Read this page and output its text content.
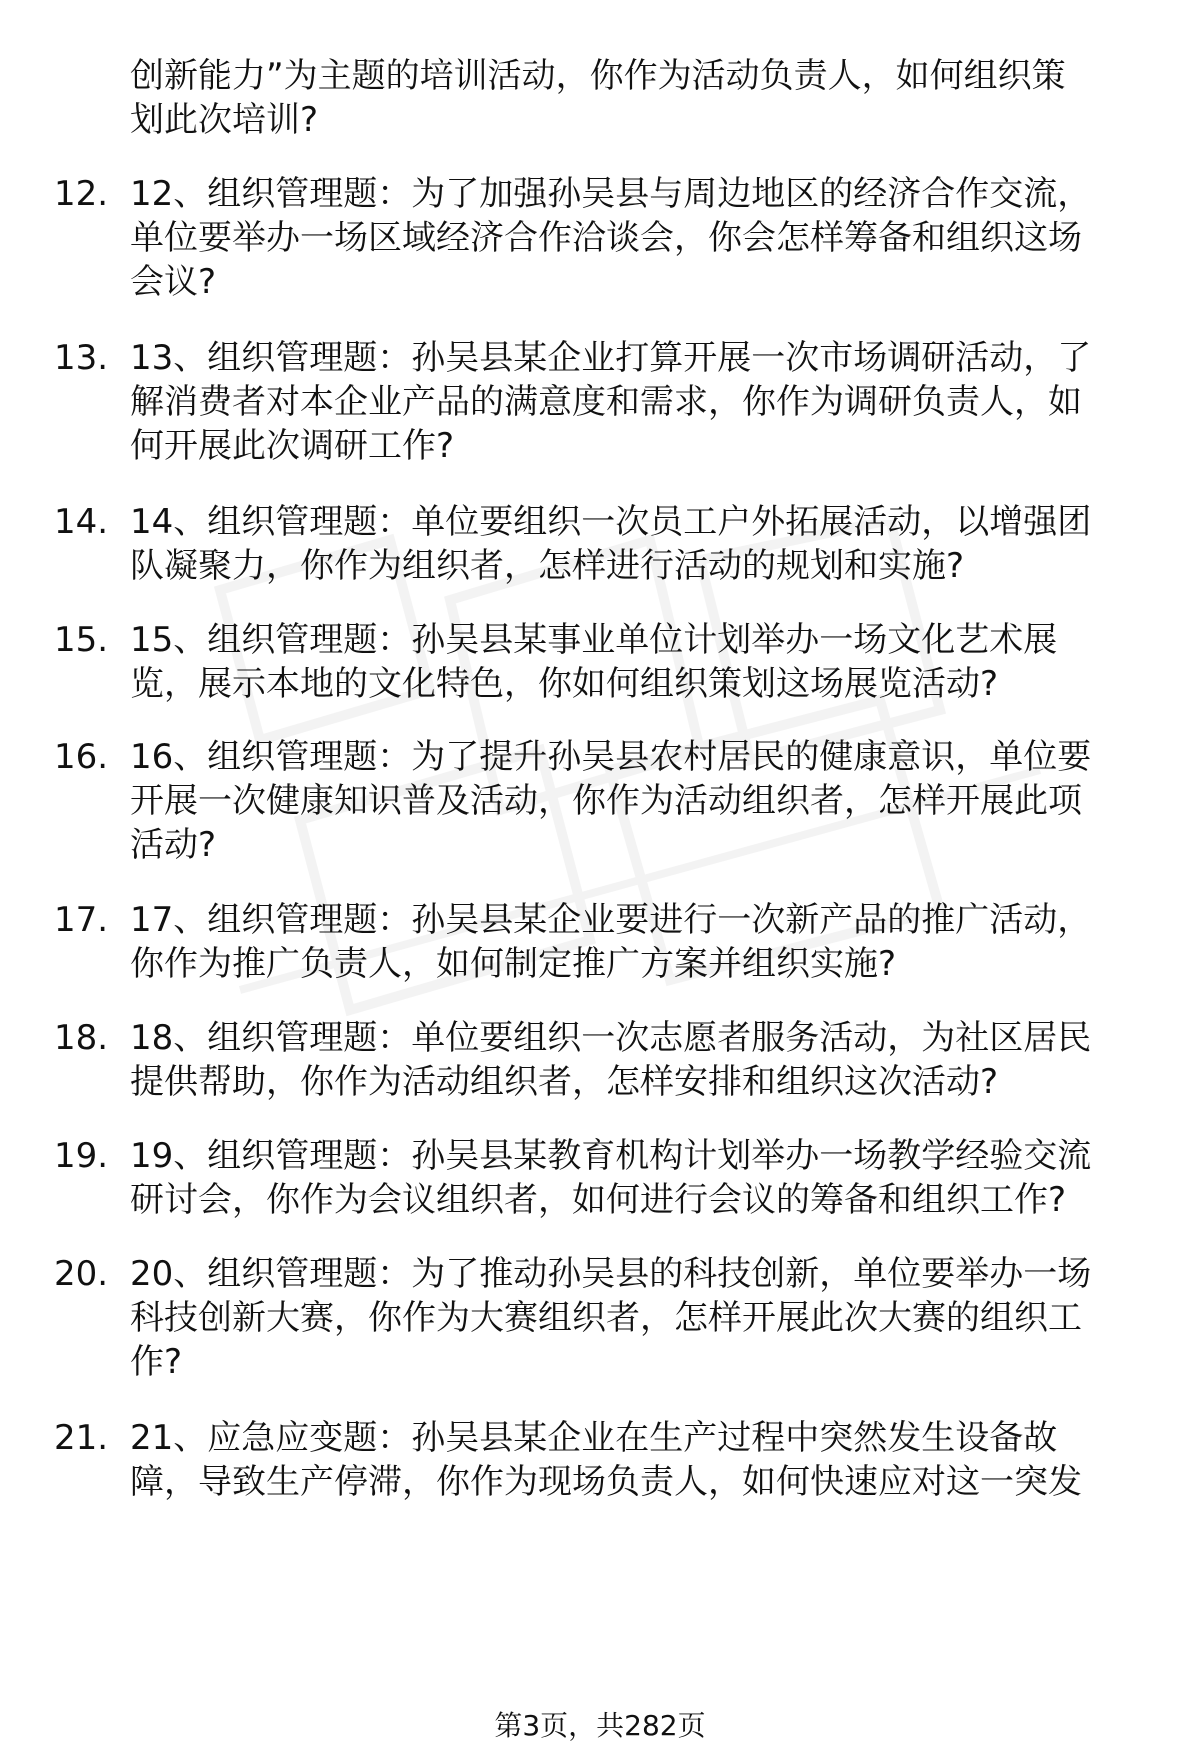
创新能力”为主题的培训活动，你作为活动负责人，如何组织策
划此次培训?
12. 12、组织管理题：为了加强孙吴县与周边地区的经济合作交流，
单位要举办一场区域经济合作洽谈会，你会怎样筹备和组织这场
会议?
13. 13、组织管理题：孙吴县某企业打算开展一次市场调研活动，了
解消费者对本企业产品的满意度和需求，你作为调研负责人，如
何开展此次调研工作?
14. 14、组织管理题：单位要组织一次员工户外拓展活动，以增强团
队凝聚力，你作为组织者，怎样进行活动的规划和实施?
15. 15、组织管理题：孙吴县某事业单位计划举办一场文化艺术展
览，展示本地的文化特色，你如何组织策划这场展览活动?
16. 16、组织管理题：为了提升孙吴县农村居民的健康意识，单位要
开展一次健康知识普及活动，你作为活动组织者，怎样开展此项
活动?
17. 17、组织管理题：孙吴县某企业要进行一次新产品的推广活动，
你作为推广负责人，如何制定推广方案并组织实施?
18. 18、组织管理题：单位要组织一次志愿者服务活动，为社区居民
提供帮助，你作为活动组织者，怎样安排和组织这次活动?
19. 19、组织管理题：孙吴县某教育机构计划举办一场教学经验交流
研讨会，你作为会议组织者，如何进行会议的筹备和组织工作?
20. 20、组织管理题：为了推动孙吴县的科技创新，单位要举办一场
科技创新大赛，你作为大赛组织者，怎样开展此次大赛的组织工
作?
21. 21、应急应变题：孙吴县某企业在生产过程中突然发生设备故
障，导致生产停滞，你作为现场负责人，如何快速应对这一突发
第3页，共282页
